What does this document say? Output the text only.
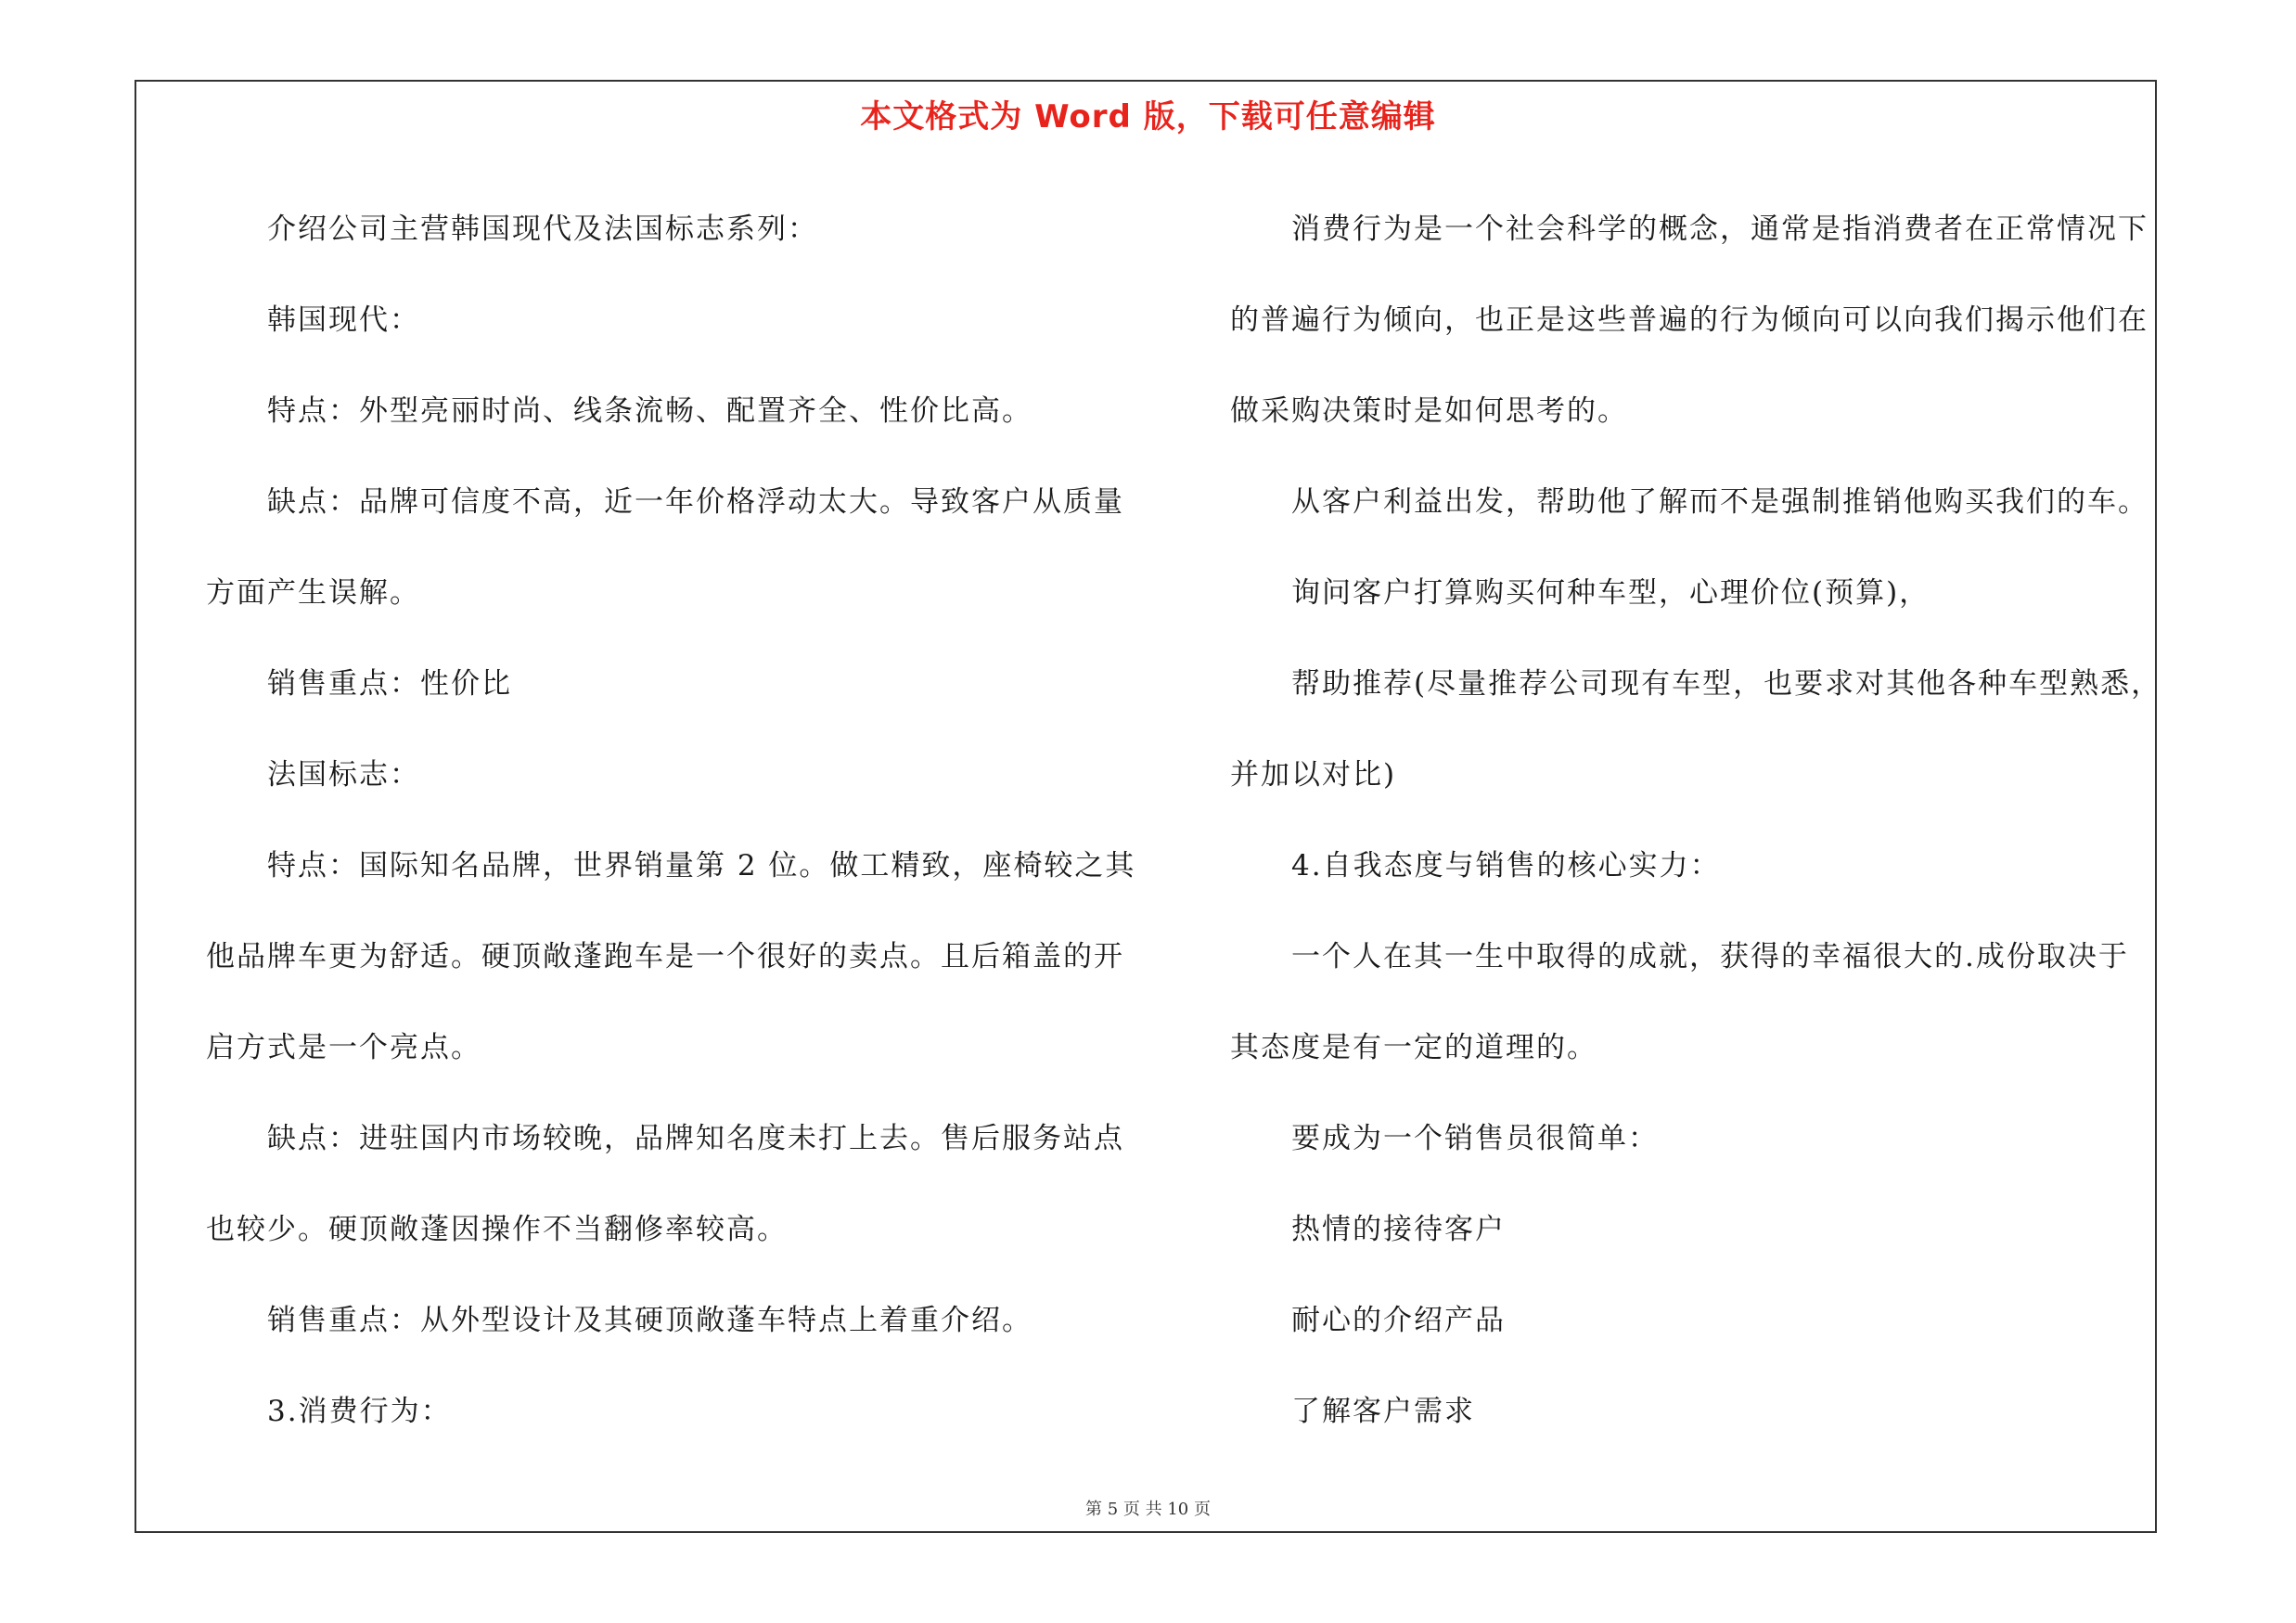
本文格式为 Word 版，下载可任意编辑

介绍公司主营韩国现代及法国标志系列：

韩国现代：

特点：外型亮丽时尚、线条流畅、配置齐全、性价比高。

缺点：品牌可信度不高，近一年价格浮动太大。导致客户从质量

方面产生误解。

销售重点：性价比

法国标志：

特点：国际知名品牌，世界销量第 2 位。做工精致，座椅较之其

他品牌车更为舒适。硬顶敞蓬跑车是一个很好的卖点。且后箱盖的开

启方式是一个亮点。

缺点：进驻国内市场较晚，品牌知名度未打上去。售后服务站点

也较少。硬顶敞蓬因操作不当翻修率较高。

销售重点：从外型设计及其硬顶敞蓬车特点上着重介绍。

3.消费行为：

消费行为是一个社会科学的概念，通常是指消费者在正常情况下

的普遍行为倾向，也正是这些普遍的行为倾向可以向我们揭示他们在

做采购决策时是如何思考的。

从客户利益出发，帮助他了解而不是强制推销他购买我们的车。

询问客户打算购买何种车型，心理价位(预算)，

帮助推荐(尽量推荐公司现有车型，也要求对其他各种车型熟悉，

并加以对比)

4.自我态度与销售的核心实力：

一个人在其一生中取得的成就，获得的幸福很大的.成份取决于

其态度是有一定的道理的。

要成为一个销售员很简单：

热情的接待客户

耐心的介绍产品

了解客户需求

第 5 页 共 10 页
